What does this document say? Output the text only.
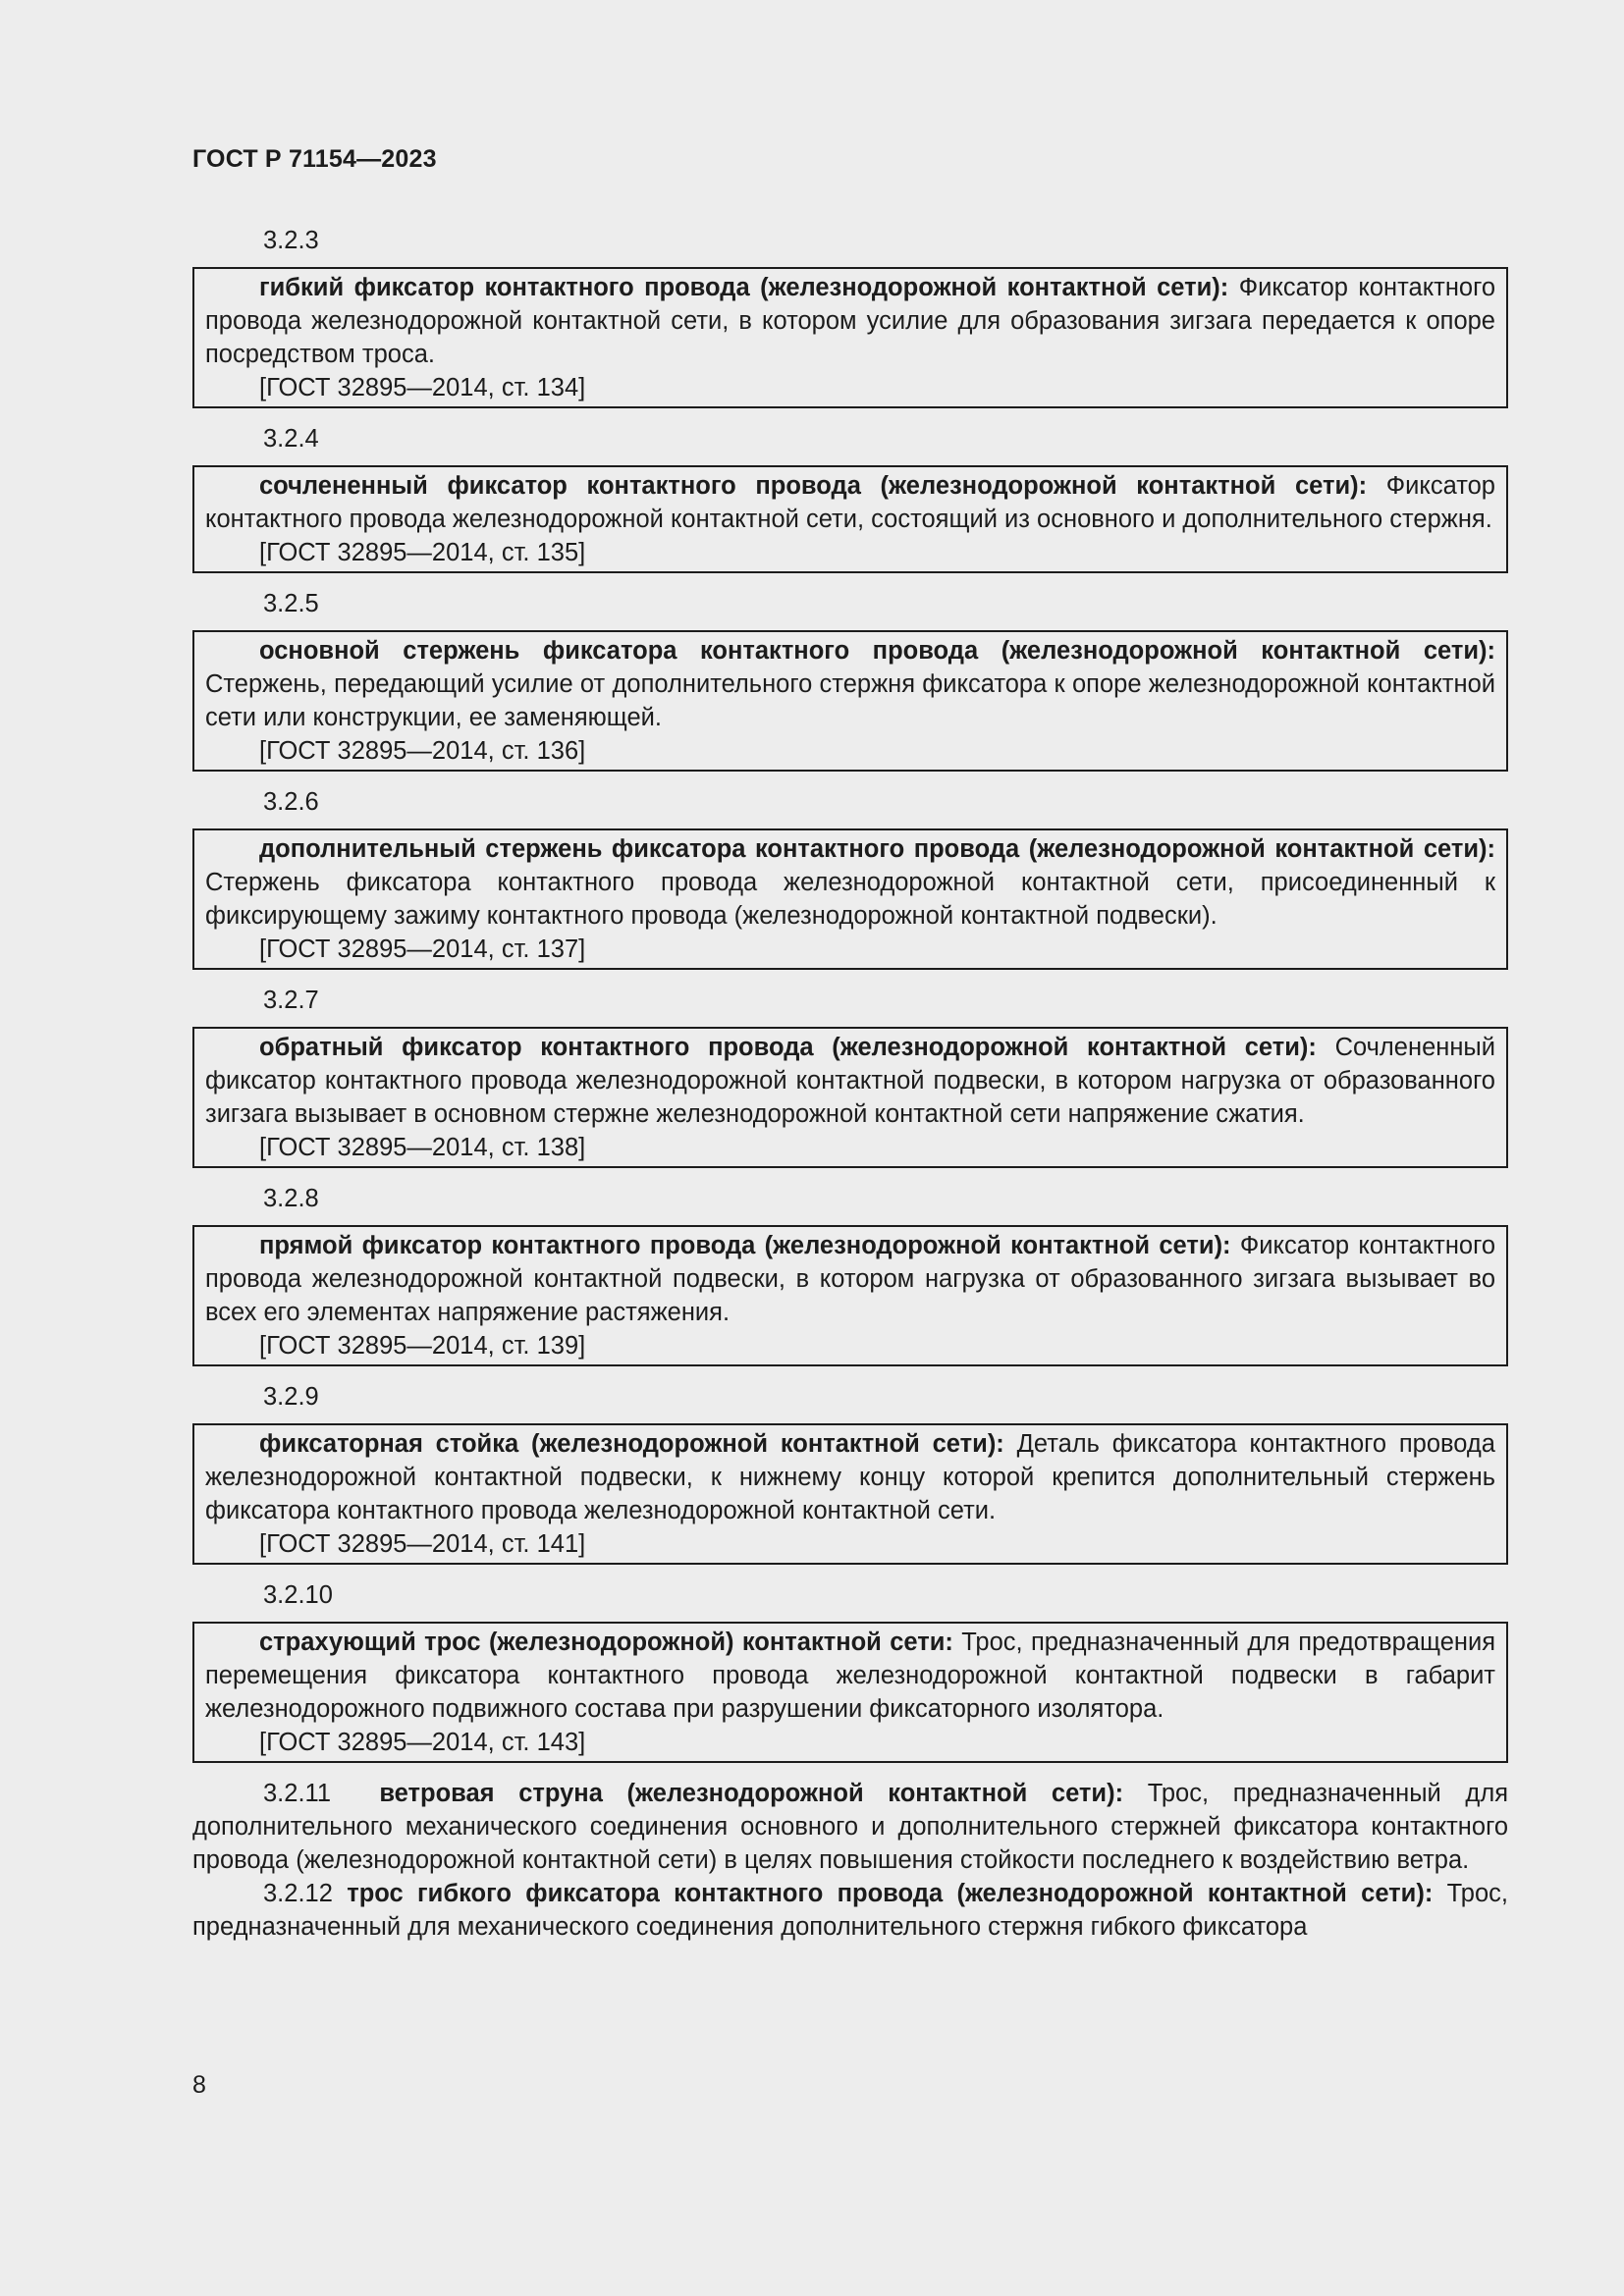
ГОСТ Р 71154—2023
3.2.3

гибкий фиксатор контактного провода (железнодорожной контактной сети): Фиксатор контактного провода железнодорожной контактной сети, в котором усилие для образования зигзага передается к опоре посредством троса.

[ГОСТ 32895—2014, ст. 134]
3.2.4

сочлененный фиксатор контактного провода (железнодорожной контактной сети): Фиксатор контактного провода железнодорожной контактной сети, состоящий из основного и дополнительного стержня.

[ГОСТ 32895—2014, ст. 135]
3.2.5

основной стержень фиксатора контактного провода (железнодорожной контактной сети): Стержень, передающий усилие от дополнительного стержня фиксатора к опоре железнодорожной контактной сети или конструкции, ее заменяющей.

[ГОСТ 32895—2014, ст. 136]
3.2.6

дополнительный стержень фиксатора контактного провода (железнодорожной контактной сети): Стержень фиксатора контактного провода железнодорожной контактной сети, присоединенный к фиксирующему зажиму контактного провода (железнодорожной контактной подвески).

[ГОСТ 32895—2014, ст. 137]
3.2.7

обратный фиксатор контактного провода (железнодорожной контактной сети): Сочлененный фиксатор контактного провода железнодорожной контактной подвески, в котором нагрузка от образованного зигзага вызывает в основном стержне железнодорожной контактной сети напряжение сжатия.

[ГОСТ 32895—2014, ст. 138]
3.2.8

прямой фиксатор контактного провода (железнодорожной контактной сети): Фиксатор контактного провода железнодорожной контактной подвески, в котором нагрузка от образованного зигзага вызывает во всех его элементах напряжение растяжения.

[ГОСТ 32895—2014, ст. 139]
3.2.9

фиксаторная стойка (железнодорожной контактной сети): Деталь фиксатора контактного провода железнодорожной контактной подвески, к нижнему концу которой крепится дополнительный стержень фиксатора контактного провода железнодорожной контактной сети.

[ГОСТ 32895—2014, ст. 141]
3.2.10

страхующий трос (железнодорожной) контактной сети: Трос, предназначенный для предотвращения перемещения фиксатора контактного провода железнодорожной контактной подвески в габарит железнодорожного подвижного состава при разрушении фиксаторного изолятора.

[ГОСТ 32895—2014, ст. 143]

3.2.11 ветровая струна (железнодорожной контактной сети): Трос, предназначенный для дополнительного механического соединения основного и дополнительного стержней фиксатора контактного провода (железнодорожной контактной сети) в целях повышения стойкости последнего к воздействию ветра.

3.2.12 трос гибкого фиксатора контактного провода (железнодорожной контактной сети): Трос, предназначенный для механического соединения дополнительного стержня гибкого фиксатора

8
